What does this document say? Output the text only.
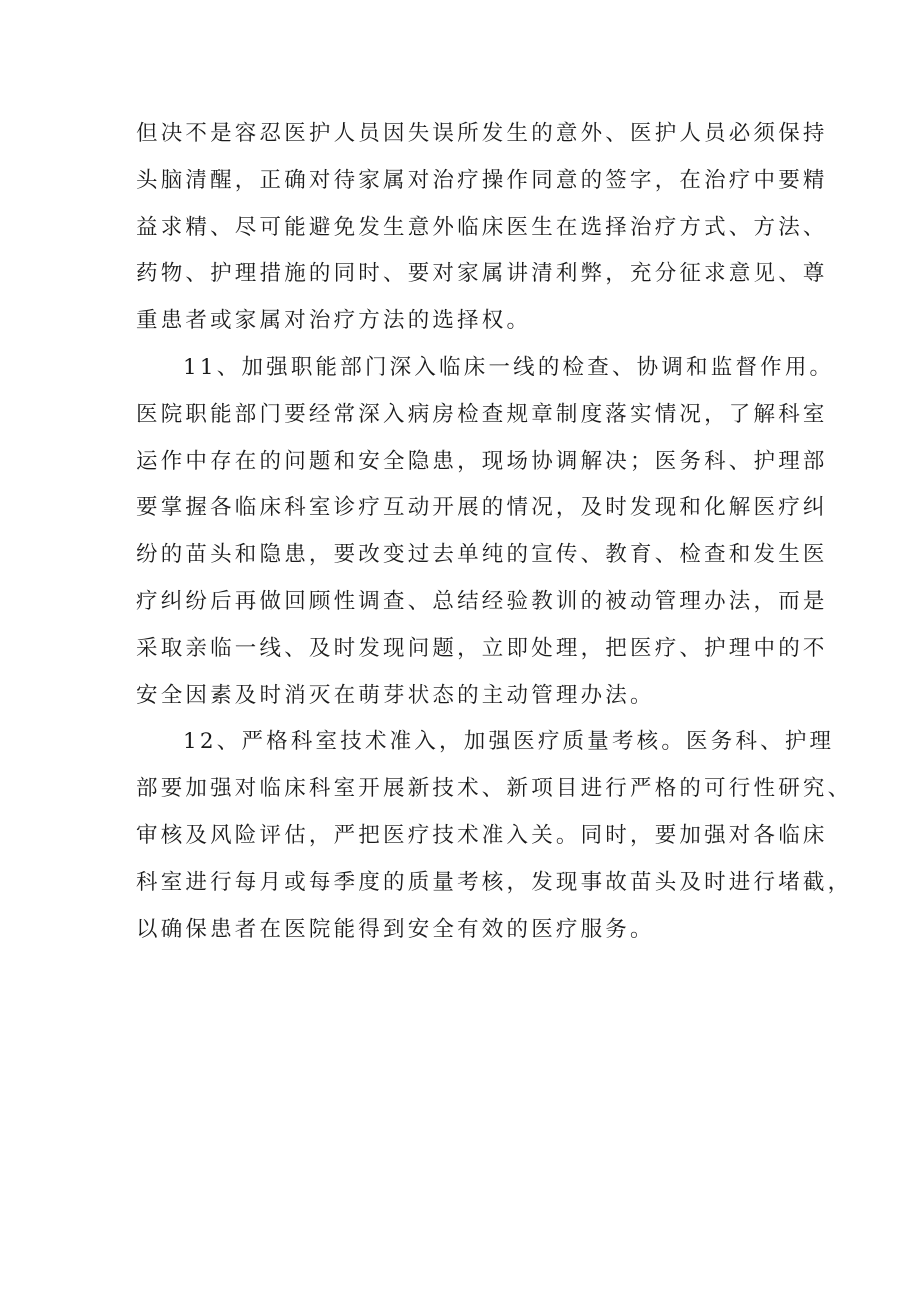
但决不是容忍医护人员因失误所发生的意外、医护人员必须保持
头脑清醒，正确对待家属对治疗操作同意的签字，在治疗中要精
益求精、尽可能避免发生意外临床医生在选择治疗方式、方法、
药物、护理措施的同时、要对家属讲清利弊，充分征求意见、尊
重患者或家属对治疗方法的选择权。
11、加强职能部门深入临床一线的检查、协调和监督作用。
医院职能部门要经常深入病房检查规章制度落实情况，了解科室
运作中存在的问题和安全隐患，现场协调解决；医务科、护理部
要掌握各临床科室诊疗互动开展的情况，及时发现和化解医疗纠
纷的苗头和隐患，要改变过去单纯的宣传、教育、检查和发生医
疗纠纷后再做回顾性调查、总结经验教训的被动管理办法，而是
采取亲临一线、及时发现问题，立即处理，把医疗、护理中的不
安全因素及时消灭在萌芽状态的主动管理办法。
12、严格科室技术准入，加强医疗质量考核。医务科、护理
部要加强对临床科室开展新技术、新项目进行严格的可行性研究、
审核及风险评估，严把医疗技术准入关。同时，要加强对各临床
科室进行每月或每季度的质量考核，发现事故苗头及时进行堵截，
以确保患者在医院能得到安全有效的医疗服务。
